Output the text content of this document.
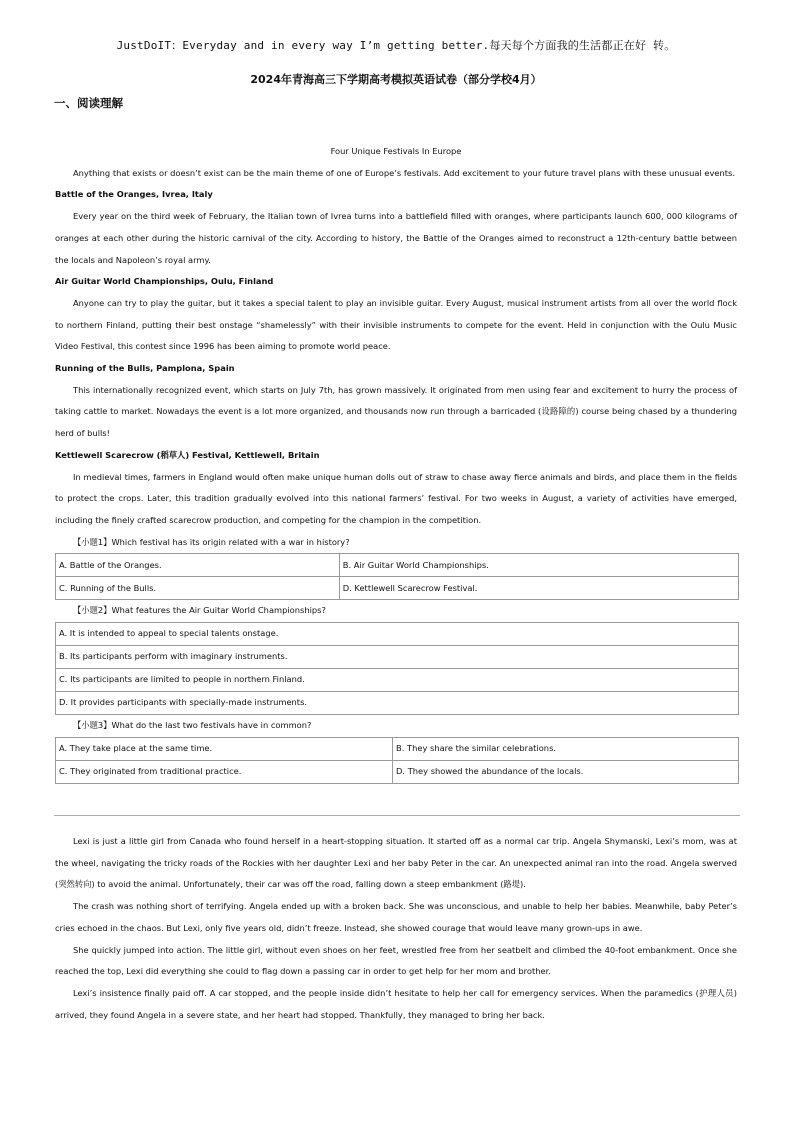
JustDoIT：Everyday and in every way I’m getting better.每天每个方面我的生活都正在好 转。
2024年青海高三下学期高考模拟英语试卷（部分学校4月）
一、阅读理解

Four Unique Festivals In Europe

Anything that exists or doesn’t exist can be the main theme of one of Europe’s festivals. Add excitement to your future travel plans with these unusual events.

Battle of the Oranges, Ivrea, Italy

Every year on the third week of February, the Italian town of Ivrea turns into a battlefield filled with oranges, where participants launch 600, 000 kilograms of oranges at each other during the historic carnival of the city. According to history, the Battle of the Oranges aimed to reconstruct a 12th-century battle between the locals and Napoleon’s royal army.

Air Guitar World Championships, Oulu, Finland

Anyone can try to play the guitar, but it takes a special talent to play an invisible guitar. Every August, musical instrument artists from all over the world flock to northern Finland, putting their best onstage “shamelessly” with their invisible instruments to compete for the event. Held in conjunction with the Oulu Music Video Festival, this contest since 1996 has been aiming to promote world peace.

Running of the Bulls, Pamplona, Spain

This internationally recognized event, which starts on July 7th, has grown massively. It originated from men using fear and excitement to hurry the process of taking cattle to market. Nowadays the event is a lot more organized, and thousands now run through a barricaded (设路障的) course being chased by a thundering herd of bulls!

Kettlewell Scarecrow (稻草人) Festival, Kettlewell, Britain

In medieval times, farmers in England would often make unique human dolls out of straw to chase away fierce animals and birds, and place them in the fields to protect the crops. Later, this tradition gradually evolved into this national farmers’ festival. For two weeks in August, a variety of activities have emerged, including the finely crafted scarecrow production, and competing for the champion in the competition.

【小题1】Which festival has its origin related with a war in history?

A. Battle of the Oranges.	B. Air Guitar World Championships.
C. Running of the Bulls.	D. Kettlewell Scarecrow Festival.

【小题2】What features the Air Guitar World Championships?

A. It is intended to appeal to special talents onstage.
B. Its participants perform with imaginary instruments.
C. Its participants are limited to people in northern Finland.
D. It provides participants with specially-made instruments.

【小题3】What do the last two festivals have in common?

A. They take place at the same time.	B. They share the similar celebrations.
C. They originated from traditional practice.	D. They showed the abundance of the locals.

Lexi is just a little girl from Canada who found herself in a heart-stopping situation. It started off as a normal car trip. Angela Shymanski, Lexi’s mom, was at the wheel, navigating the tricky roads of the Rockies with her daughter Lexi and her baby Peter in the car. An unexpected animal ran into the road. Angela swerved (突然转向) to avoid the animal. Unfortunately, their car was off the road, falling down a steep embankment (路堤).

The crash was nothing short of terrifying. Angela ended up with a broken back. She was unconscious, and unable to help her babies. Meanwhile, baby Peter’s cries echoed in the chaos. But Lexi, only five years old, didn’t freeze. Instead, she showed courage that would leave many grown-ups in awe.

She quickly jumped into action. The little girl, without even shoes on her feet, wrestled free from her seatbelt and climbed the 40-foot embankment. Once she reached the top, Lexi did everything she could to flag down a passing car in order to get help for her mom and brother.

Lexi’s insistence finally paid off. A car stopped, and the people inside didn’t hesitate to help her call for emergency services. When the paramedics (护理人员) arrived, they found Angela in a severe state, and her heart had stopped. Thankfully, they managed to bring her back.
